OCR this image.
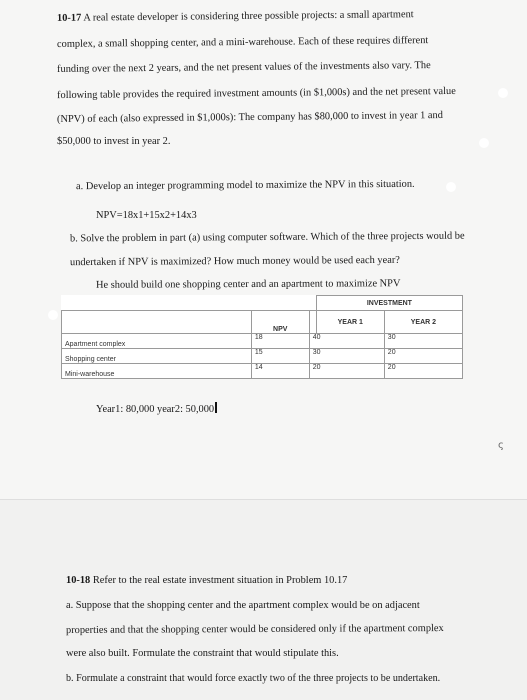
10-17 A real estate developer is considering three possible projects: a small apartment
complex, a small shopping center, and a mini-warehouse. Each of these requires different
funding over the next 2 years, and the net present values of the investments also vary. The
following table provides the required investment amounts (in $1,000s) and the net present value
(NPV) of each (also expressed in $1,000s): The company has $80,000 to invest in year 1 and
$50,000 to invest in year 2.
a. Develop an integer programming model to maximize the NPV in this situation.
NPV=18x1+15x2+14x3
b. Solve the problem in part (a) using computer software. Which of the three projects would be
undertaken if NPV is maximized? How much money would be used each year?
He should build one shopping center and an apartment to maximize NPV
			INVESTMENT	
	NPV		YEAR 1	YEAR 2
Apartment complex	18	40		30
Shopping center	15	30		20
Mini-warehouse	14	20		20
Year1: 80,000 year2: 50,000
ς
10-18 Refer to the real estate investment situation in Problem 10.17
a. Suppose that the shopping center and the apartment complex would be on adjacent
properties and that the shopping center would be considered only if the apartment complex
were also built. Formulate the constraint that would stipulate this.
b. Formulate a constraint that would force exactly two of the three projects to be undertaken.
